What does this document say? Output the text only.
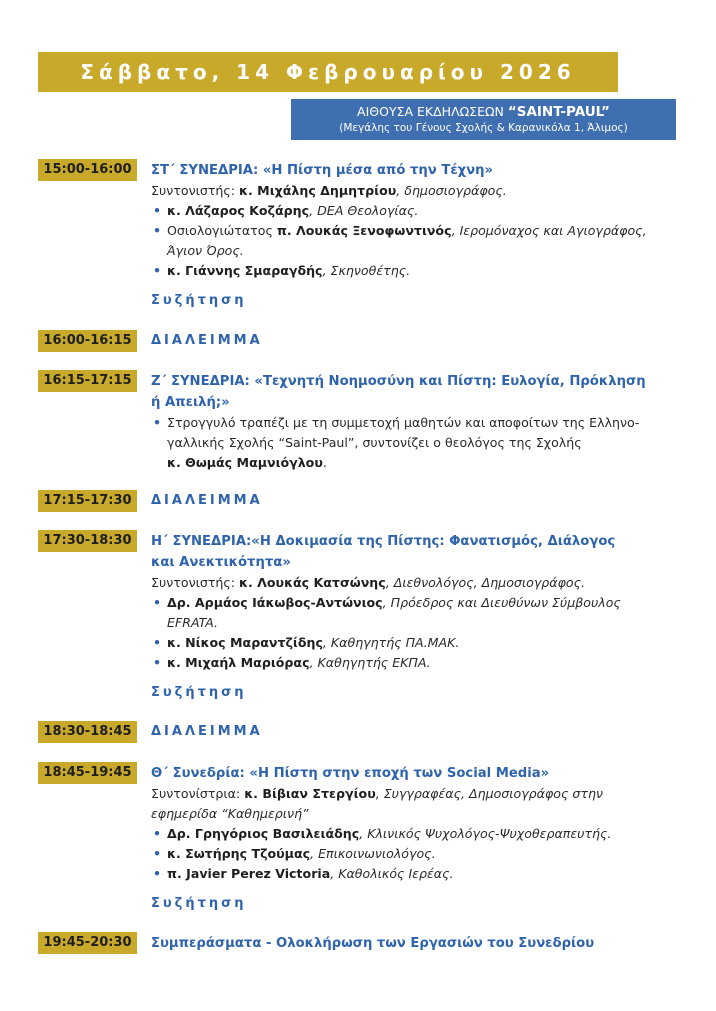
Σάββατο, 14 Φεβρουαρίου 2026
ΑΙΘΟΥΣΑ ΕΚΔΗΛΩΣΕΩΝ “SAINT-PAUL”
(Μεγάλης του Γένους Σχολής & Καρανικόλα 1, Άλιμος)
15:00-16:00	ΣΤ΄ ΣΥΝΕΔΡΙΑ: «Η Πίστη μέσα από την Τέχνη»

Συντονιστής: κ. Μιχάλης Δημητρίου, δημοσιογράφος.

• κ. Λάζαρος Κοζάρης, DEA Θεολογίας.

• Οσιολογιώτατος π. Λουκάς Ξενοφωντινός, Ιερομόναχος και Αγιογράφος,

Άγιον Όρος.

• κ. Γιάννης Σμαραγδής, Σκηνοθέτης.

Συζήτηση

16:00-16:15	ΔΙΑΛΕΙΜΜΑ

16:15-17:15	Ζ΄ ΣΥΝΕΔΡΙΑ: «Τεχνητή Νοημοσύνη και Πίστη: Ευλογία, Πρόκληση

ή Απειλή;»

• Στρογγυλό τραπέζι με τη συμμετοχή μαθητών και αποφοίτων της Ελληνο-

γαλλικής Σχολής “Saint-Paul”, συντονίζει ο θεολόγος της Σχολής

κ. Θωμάς Μαμνιόγλου.

17:15-17:30	ΔΙΑΛΕΙΜΜΑ

17:30-18:30	Η΄ ΣΥΝΕΔΡΙΑ:«Η Δοκιμασία της Πίστης: Φανατισμός, Διάλογος

και Ανεκτικότητα»

Συντονιστής: κ. Λουκάς Κατσώνης, Διεθνολόγος, Δημοσιογράφος.

• Δρ. Αρμάος Ιάκωβος-Αντώνιος, Πρόεδρος και Διευθύνων Σύμβουλος

EFRATA.

• κ. Νίκος Μαραντζίδης, Καθηγητής ΠΑ.ΜΑΚ.

• κ. Μιχαήλ Μαριόρας, Καθηγητής ΕΚΠΑ.

Συζήτηση

18:30-18:45	ΔΙΑΛΕΙΜΜΑ

18:45-19:45	Θ΄ Συνεδρία: «Η Πίστη στην εποχή των Social Media»

Συντονίστρια: κ. Βίβιαν Στεργίου, Συγγραφέας, Δημοσιογράφος στην

εφημερίδα “Καθημερινή”

• Δρ. Γρηγόριος Βασιλειάδης, Κλινικός Ψυχολόγος-Ψυχοθεραπευτής.

• κ. Σωτήρης Τζούμας, Επικοινωνιολόγος.

• π. Javier Perez Victoria, Καθολικός Ιερέας.

Συζήτηση

19:45-20:30	Συμπεράσματα - Ολοκλήρωση των Εργασιών του Συνεδρίου
